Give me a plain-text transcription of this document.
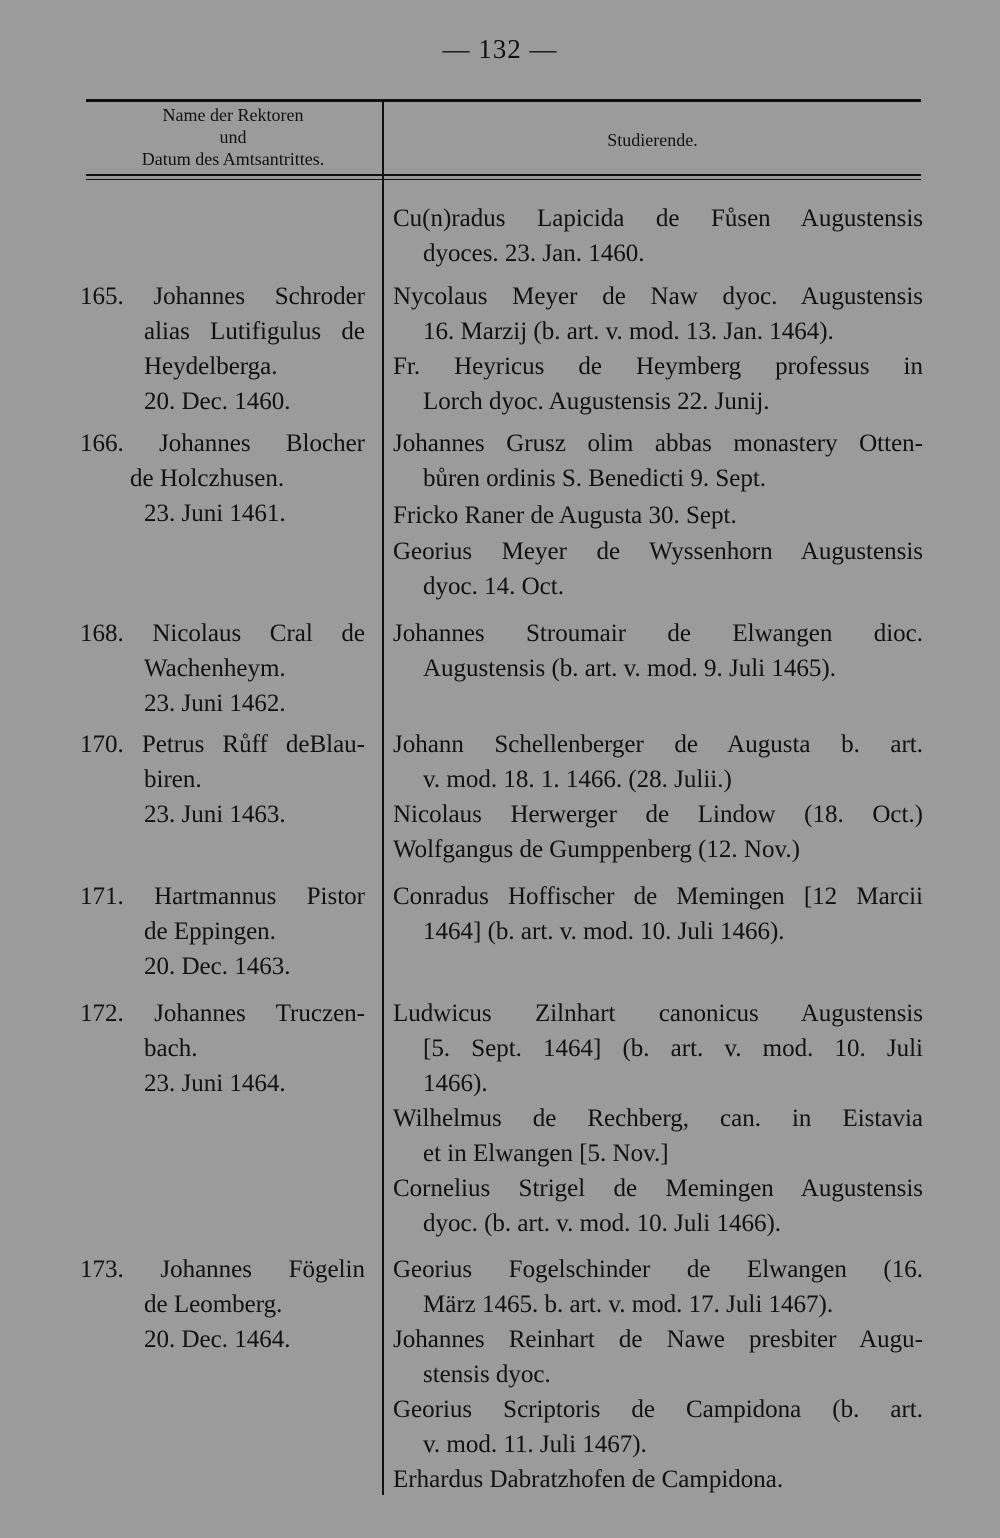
— 132 —
Name der Rektoren
und
Datum des Amtsantrittes.
Studierende.
165. Johannes Schroder
alias Lutifigulus de
Heydelberga.
20. Dec. 1460.
166. Johannes Blocher
de Holczhusen.
23. Juni 1461.
168. Nicolaus Cral de
Wachenheym.
23. Juni 1462.
170. Petrus Růff deBlau-
biren.
23. Juni 1463.
171. Hartmannus Pistor
de Eppingen.
20. Dec. 1463.
172. Johannes Truczen-
bach.
23. Juni 1464.
173. Johannes Fögelin
de Leomberg.
20. Dec. 1464.
Cu(n)radus Lapicida de Fůsen Augustensis
dyoces. 23. Jan. 1460.
Nycolaus Meyer de Naw dyoc. Augustensis
16. Marzij (b. art. v. mod. 13. Jan. 1464).
Fr. Heyricus de Heymberg professus in
Lorch dyoc. Augustensis 22. Junij.
Johannes Grusz olim abbas monastery Otten-
bůren ordinis S. Benedicti 9. Sept.
Fricko Raner de Augusta 30. Sept.
Georius Meyer de Wyssenhorn Augustensis
dyoc. 14. Oct.
Johannes Stroumair de Elwangen dioc.
Augustensis (b. art. v. mod. 9. Juli 1465).
Johann Schellenberger de Augusta b. art.
v. mod. 18. 1. 1466. (28. Julii.)
Nicolaus Herwerger de Lindow (18. Oct.)
Wolfgangus de Gumppenberg (12. Nov.)
Conradus Hoffischer de Memingen [12 Marcii
1464] (b. art. v. mod. 10. Juli 1466).
Ludwicus Zilnhart canonicus Augustensis
[5. Sept. 1464] (b. art. v. mod. 10. Juli
1466).
Wilhelmus de Rechberg, can. in Eistavia
et in Elwangen [5. Nov.]
Cornelius Strigel de Memingen Augustensis
dyoc. (b. art. v. mod. 10. Juli 1466).
Georius Fogelschinder de Elwangen (16.
März 1465. b. art. v. mod. 17. Juli 1467).
Johannes Reinhart de Nawe presbiter Augu-
stensis dyoc.
Georius Scriptoris de Campidona (b. art.
v. mod. 11. Juli 1467).
Erhardus Dabratzhofen de Campidona.
